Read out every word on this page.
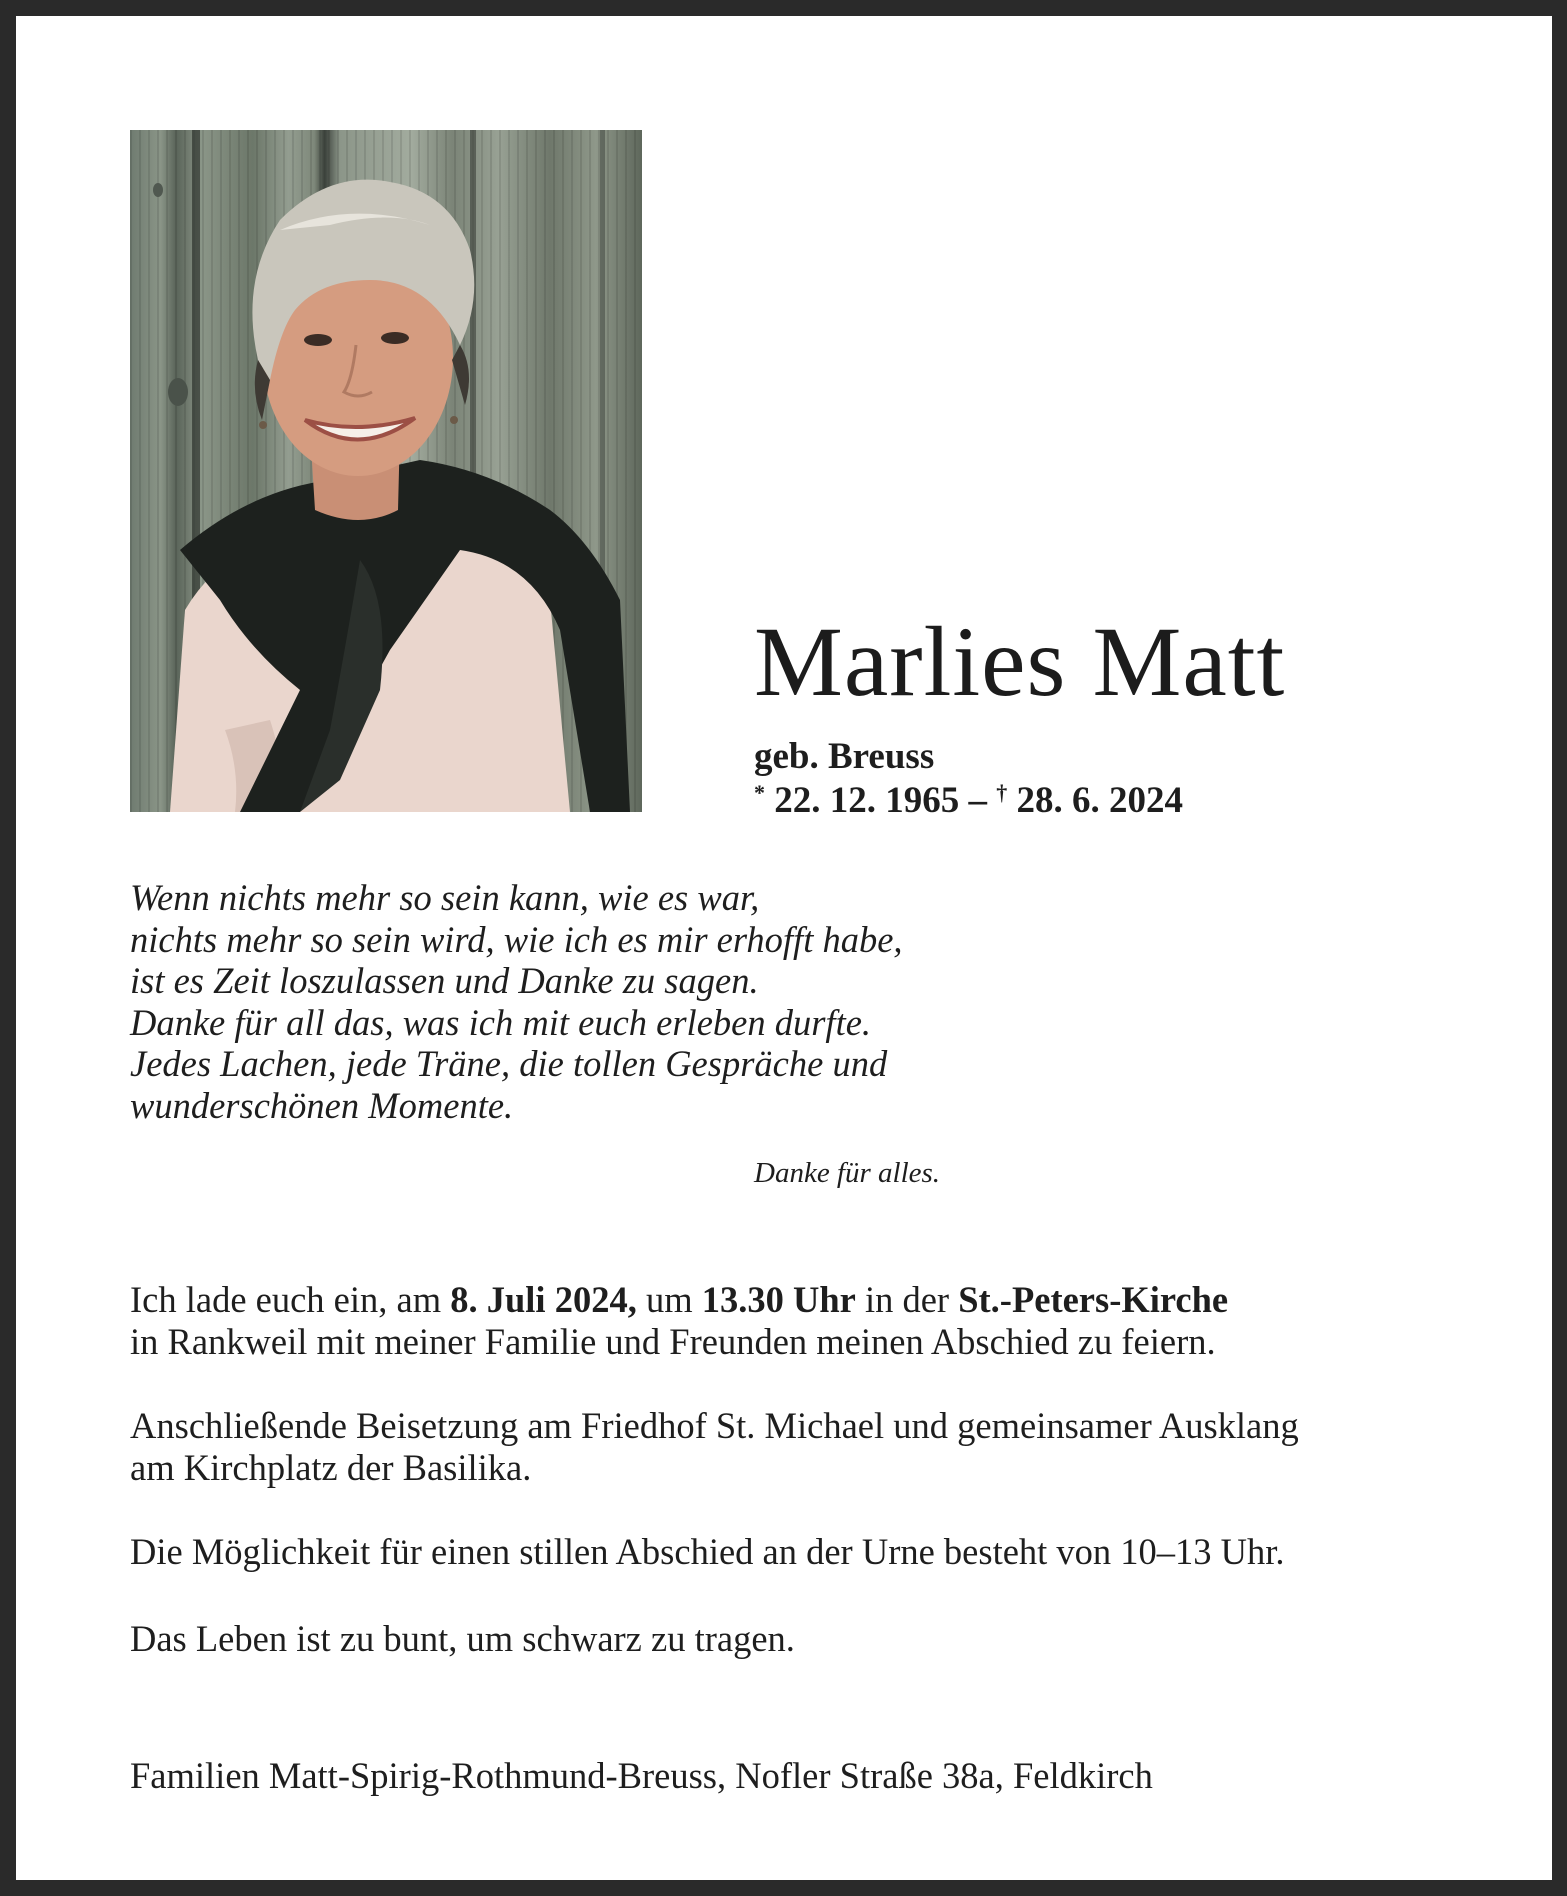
Marlies Matt
geb. Breuss
* 22. 12. 1965 – † 28. 6. 2024
Wenn nichts mehr so sein kann, wie es war,
nichts mehr so sein wird, wie ich es mir erhofft habe,
ist es Zeit loszulassen und Danke zu sagen.
Danke für all das, was ich mit euch erleben durfte.
Jedes Lachen, jede Träne, die tollen Gespräche und
wunderschönen Momente.
Danke für alles.
Ich lade euch ein, am 8. Juli 2024, um 13.30 Uhr in der St.-Peters-Kirche
in Rankweil mit meiner Familie und Freunden meinen Abschied zu feiern.
Anschließende Beisetzung am Friedhof St. Michael und gemeinsamer Ausklang
am Kirchplatz der Basilika.
Die Möglichkeit für einen stillen Abschied an der Urne besteht von 10–13 Uhr.
Das Leben ist zu bunt, um schwarz zu tragen.
Familien Matt-Spirig-Rothmund-Breuss, Nofler Straße 38a, Feldkirch
